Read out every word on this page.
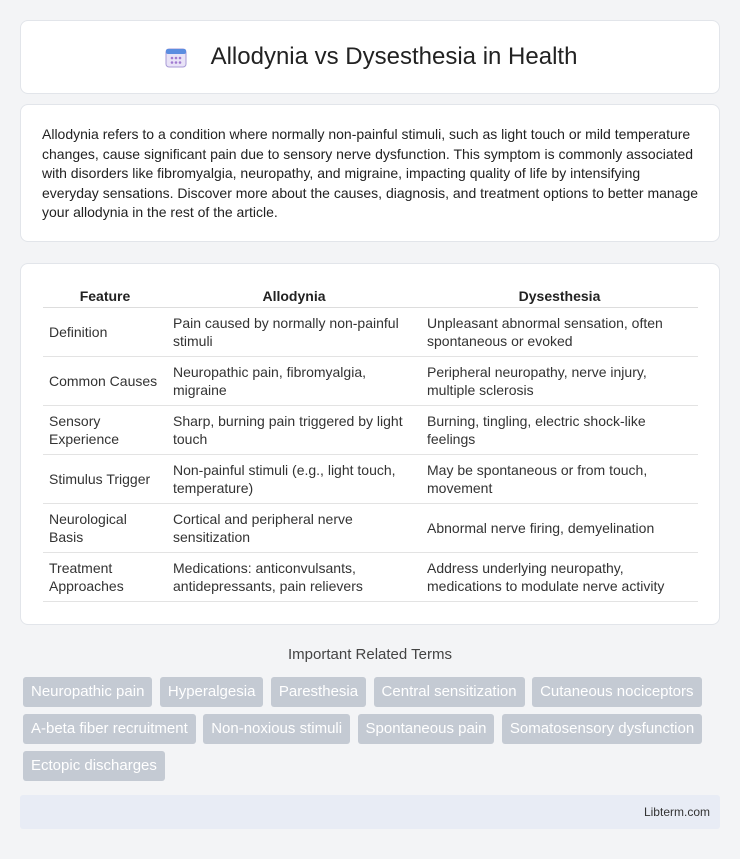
Allodynia vs Dysesthesia in Health

Allodynia refers to a condition where normally non-painful stimuli, such as light touch or mild temperature changes, cause significant pain due to sensory nerve dysfunction. This symptom is commonly associated with disorders like fibromyalgia, neuropathy, and migraine, impacting quality of life by intensifying everyday sensations. Discover more about the causes, diagnosis, and treatment options to better manage your allodynia in the rest of the article.

Feature	Allodynia	Dysesthesia
Definition	Pain caused by normally non-painful stimuli	Unpleasant abnormal sensation, often spontaneous or evoked
Common Causes	Neuropathic pain, fibromyalgia, migraine	Peripheral neuropathy, nerve injury, multiple sclerosis
Sensory Experience	Sharp, burning pain triggered by light touch	Burning, tingling, electric shock-like feelings
Stimulus Trigger	Non-painful stimuli (e.g., light touch, temperature)	May be spontaneous or from touch, movement
Neurological Basis	Cortical and peripheral nerve sensitization	Abnormal nerve firing, demyelination
Treatment Approaches	Medications: anticonvulsants, antidepressants, pain relievers	Address underlying neuropathy, medications to modulate nerve activity
Important Related Terms
Neuropathic pain Hyperalgesia Paresthesia Central sensitization Cutaneous nociceptors A-beta fiber recruitment Non-noxious stimuli Spontaneous pain Somatosensory dysfunction Ectopic discharges
Libterm.com
